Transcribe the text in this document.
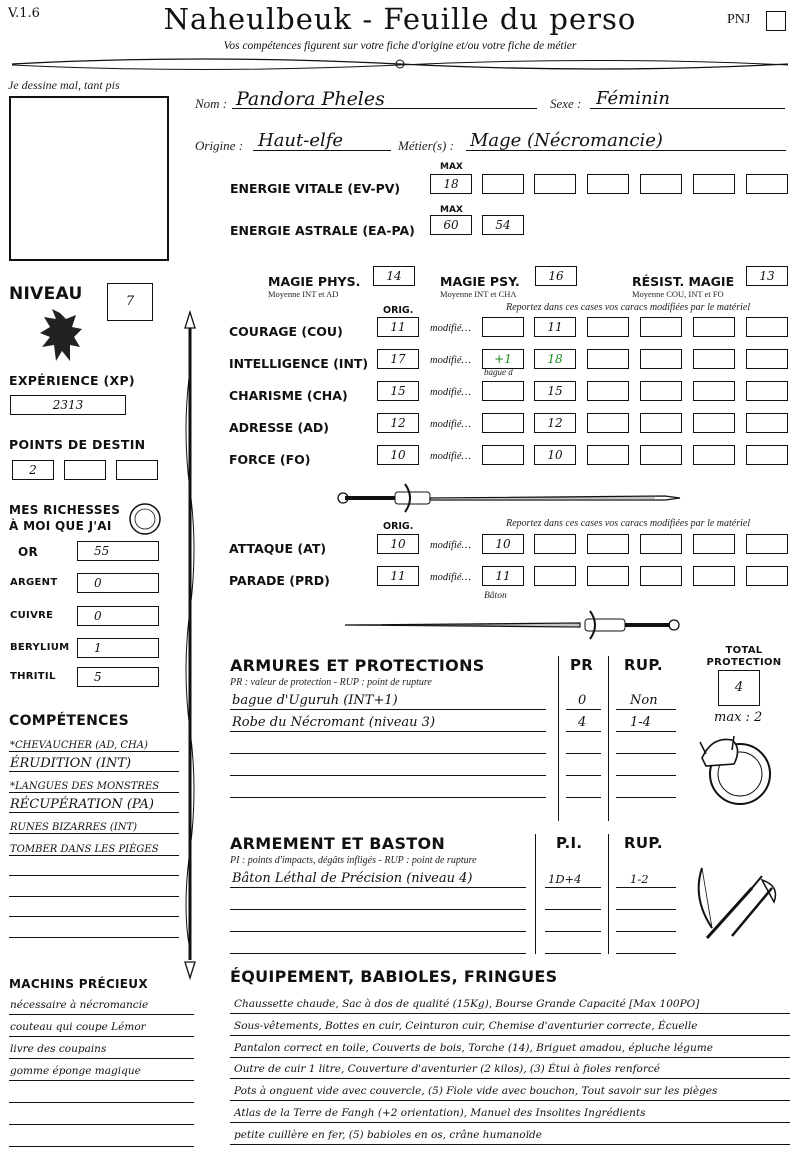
V.1.6	Naheulbeuk - Feuille du perso	PNJ
Vos compétences figurent sur votre fiche d'origine et/ou votre fiche de métier
Je dessine mal, tant pis
Nom : Pandora Pheles	Sexe : Féminin
Origine : Haut-elfe	Métier(s) : Mage (Nécromancie)
MAX
ENERGIE VITALE (EV-PV)	18
MAX
ENERGIE ASTRALE (EA-PA)	60	54
MAGIE PHYS.	14
Moyenne INT et AD
MAGIE PSY.	16
Moyenne INT et CHA
RÉSIST. MAGIE	13
Moyenne COU, INT et FO
ORIG.	Reportez dans ces cases vos caracs modifiées par le matériel
COURAGE (COU)	11	modifié…	11
INTELLIGENCE (INT)	17	modifié…	+1	18
bague d
CHARISME (CHA)	15	modifié…	15
ADRESSE (AD)	12	modifié…	12
FORCE (FO)	10	modifié…	10
ORIG.	Reportez dans ces cases vos caracs modifiées par le matériel
ATTAQUE (AT)	10	modifié…	10
PARADE (PRD)	11	modifié…	11
Bâton
NIVEAU	7
EXPÉRIENCE (XP)
2313
POINTS DE DESTIN
2
MES RICHESSES
À MOI QUE J'AI
OR	55
ARGENT	0
CUIVRE	0
BERYLIUM	1
THRITIL	5
COMPÉTENCES
*CHEVAUCHER (AD, CHA)
ÉRUDITION (INT)
*LANGUES DES MONSTRES
RÉCUPÉRATION (PA)
RUNES BIZARRES (INT)
TOMBER DANS LES PIÈGES
MACHINS PRÉCIEUX
nécessaire à nécromancie
couteau qui coupe Lémor
livre des coupains
gomme éponge magique
ARMURES ET PROTECTIONS
PR : valeur de protection - RUP : point de rupture
PR RUP.
bague d'Uguruh (INT+1)	0	Non
Robe du Nécromant (niveau 3)	4	1-4
TOTAL PROTECTION
4
max : 2
ARMEMENT ET BASTON
PI : points d'impacts, dégâts infligés - RUP : point de rupture
P.I.	RUP.
Bâton Léthal de Précision (niveau 4)	1D+4	1-2
ÉQUIPEMENT, BABIOLES, FRINGUES
Chaussette chaude, Sac à dos de qualité (15Kg), Bourse Grande Capacité [Max 100PO]
Sous-vêtements, Bottes en cuir, Ceinturon cuir, Chemise d'aventurier correcte, Écuelle
Pantalon correct en toile, Couverts de bois, Torche (14), Briguet amadou, épluche légume
Outre de cuir 1 litre, Couverture d'aventurier (2 kilos), (3) Étui à fioles renforcé
Pots à onguent vide avec couvercle, (5) Fiole vide avec bouchon, Tout savoir sur les pièges
Atlas de la Terre de Fangh (+2 orientation), Manuel des Insolites Ingrédients
petite cuillère en fer, (5) babioles en os, crâne humanoïde
